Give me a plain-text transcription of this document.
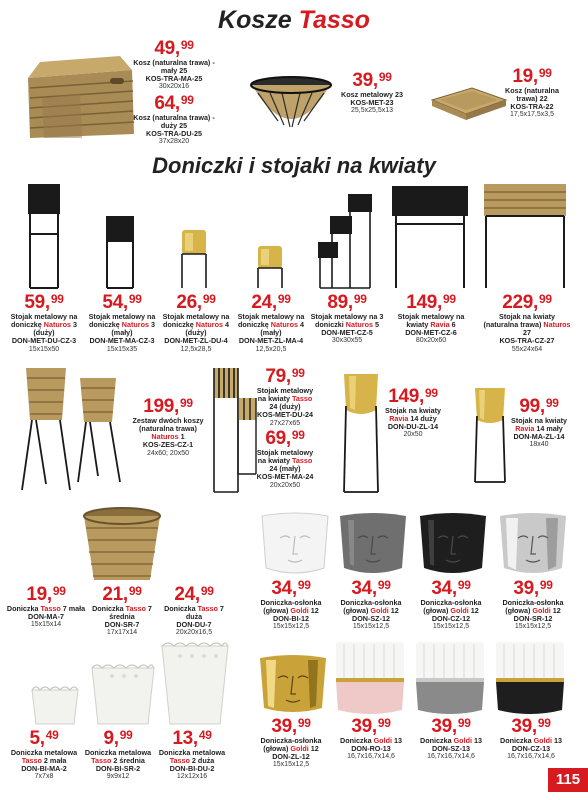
Kosze Tasso
Doniczki i stojaki na kwiaty
49,99
Kosz (naturalna trawa) - mały 25
KOS-TRA-MA-25
30x20x16
64,99
Kosz (naturalna trawa) - duży 25
KOS-TRA-DU-25
37x28x20
39,99
Kosz metalowy 23
KOS-MET-23
25,5x25,5x13
19,99
Kosz (naturalna trawa) 22
KOS-TRA-22
17,5x17,5x3,5
59,99
Stojak metalowy na doniczkę Naturos 3 (duży)
DON-MET-DU-CZ-3
15x15x50
54,99
Stojak metalowy na doniczkę Naturos 3 (mały)
DON-MET-MA-CZ-3
15x15x35
26,99
Stojak metalowy na doniczkę Naturos 4 (duży)
DON-MET-ZL-DU-4
12,5x28,5
24,99
Stojak metalowy na doniczkę Naturos 4 (mały)
DON-MET-ZL-MA-4
12,5x20,5
89,99
Stojak metalowy na 3 doniczki Naturos 5
DON-MET-CZ-5
30x30x55
149,99
Stojak metalowy na kwiaty Ravia 6
DON-MET-CZ-6
80x20x60
229,99
Stojak na kwiaty (naturalna trawa) Naturos 27
KOS-TRA-CZ-27
55x24x64
199,99
Zestaw dwóch koszy (naturalna trawa) Naturos 1
KOS-ZES-CZ-1
24x60; 20x50
79,99
Stojak metalowy na kwiaty Tasso 24 (duży)
KOS-MET-DU-24
27x27x65
69,99
Stojak metalowy na kwiaty Tasso 24 (mały)
KOS-MET-MA-24
20x20x50
149,99
Stojak na kwiaty Ravia 14 duży
DON-DU-ZL-14
20x50
99,99
Stojak na kwiaty Ravia 14 mały
DON-MA-ZL-14
18x40
19,99
Doniczka Tasso 7 mała
DON-MA-7
15x15x14
21,99
Doniczka Tasso 7 średnia
DON-SR-7
17x17x14
24,99
Doniczka Tasso 7 duża
DON-DU-7
20x20x16,5
34,99
Doniczka-osłonka (głowa) Goldi 12
DON-BI-12
15x15x12,5
34,99
Doniczka-osłonka (głowa) Goldi 12
DON-SZ-12
15x15x12,5
34,99
Doniczka-osłonka (głowa) Goldi 12
DON-CZ-12
15x15x12,5
39,99
Doniczka-osłonka (głowa) Goldi 12
DON-SR-12
15x15x12,5
5,49
Doniczka metalowa Tasso 2 mała
DON-BI-MA-2
7x7x8
9,99
Doniczka metalowa Tasso 2 średnia
DON-BI-SR-2
9x9x12
13,49
Doniczka metalowa Tasso 2 duża
DON-BI-DU-2
12x12x16
39,99
Doniczka-osłonka (głowa) Goldi 12
DON-ZL-12
15x15x12,5
39,99
Doniczka Goldi 13
DON-RO-13
16,7x16,7x14,6
39,99
Doniczka Goldi 13
DON-SZ-13
16,7x16,7x14,6
39,99
Doniczka Goldi 13
DON-CZ-13
16,7x16,7x14,6
115
